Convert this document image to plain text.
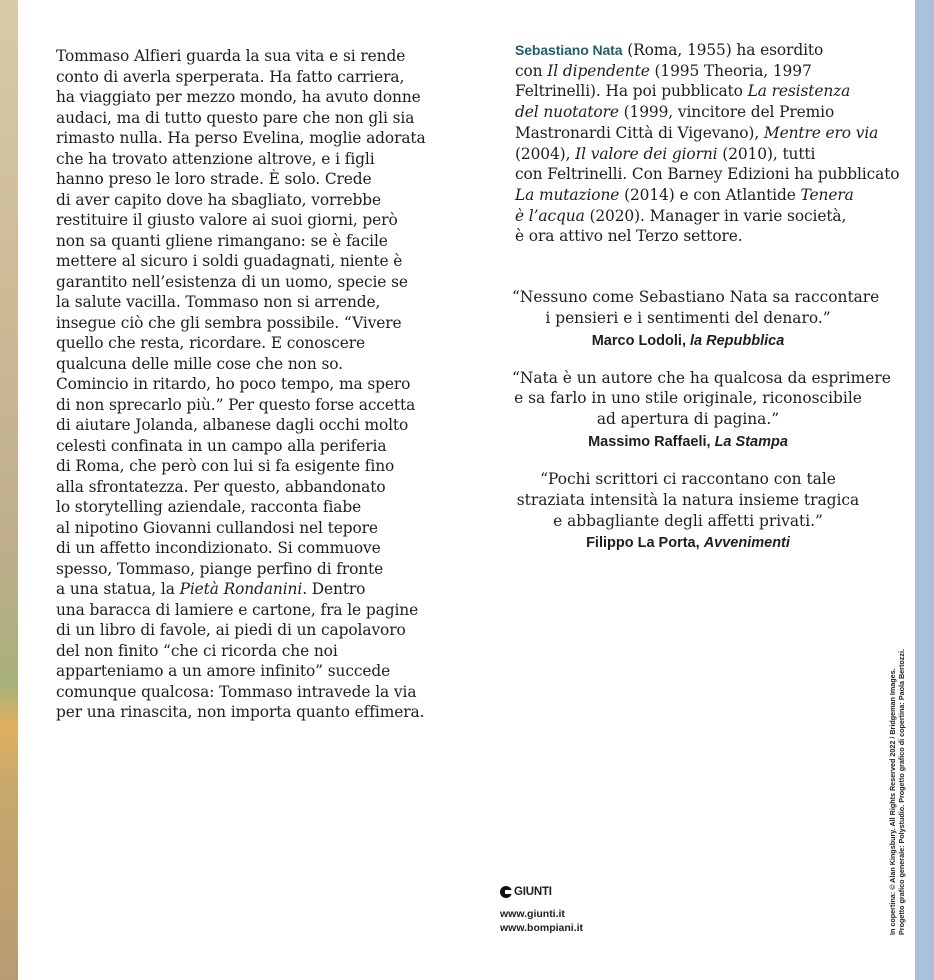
Tommaso Alfieri guarda la sua vita e si rende
conto di averla sperperata. Ha fatto carriera,
ha viaggiato per mezzo mondo, ha avuto donne
audaci, ma di tutto questo pare che non gli sia
rimasto nulla. Ha perso Evelina, moglie adorata
che ha trovato attenzione altrove, e i figli
hanno preso le loro strade. È solo. Crede
di aver capito dove ha sbagliato, vorrebbe
restituire il giusto valore ai suoi giorni, però
non sa quanti gliene rimangano: se è facile
mettere al sicuro i soldi guadagnati, niente è
garantito nell’esistenza di un uomo, specie se
la salute vacilla. Tommaso non si arrende,
insegue ciò che gli sembra possibile. “Vivere
quello che resta, ricordare. E conoscere
qualcuna delle mille cose che non so.
Comincio in ritardo, ho poco tempo, ma spero
di non sprecarlo più.” Per questo forse accetta
di aiutare Jolanda, albanese dagli occhi molto
celesti confinata in un campo alla periferia
di Roma, che però con lui si fa esigente fino
alla sfrontatezza. Per questo, abbandonato
lo storytelling aziendale, racconta fiabe
al nipotino Giovanni cullandosi nel tepore
di un affetto incondizionato. Si commuove
spesso, Tommaso, piange perfino di fronte
a una statua, la Pietà Rondanini. Dentro
una baracca di lamiere e cartone, fra le pagine
di un libro di favole, ai piedi di un capolavoro
del non finito “che ci ricorda che noi
apparteniamo a un amore infinito” succede
comunque qualcosa: Tommaso intravede la via
per una rinascita, non importa quanto effimera.
Sebastiano Nata (Roma, 1955) ha esordito
con Il dipendente (1995 Theoria, 1997
Feltrinelli). Ha poi pubblicato La resistenza
del nuotatore (1999, vincitore del Premio
Mastronardi Città di Vigevano), Mentre ero via
(2004), Il valore dei giorni (2010), tutti
con Feltrinelli. Con Barney Edizioni ha pubblicato
La mutazione (2014) e con Atlantide Tenera
è l’acqua (2020). Manager in varie società,
è ora attivo nel Terzo settore.
“Nessuno come Sebastiano Nata sa raccontare
i pensieri e i sentimenti del denaro.”
Marco Lodoli, la Repubblica
“Nata è un autore che ha qualcosa da esprimere
e sa farlo in uno stile originale, riconoscibile
ad apertura di pagina.”
Massimo Raffaeli, La Stampa
“Pochi scrittori ci raccontano con tale
straziata intensità la natura insieme tragica
e abbagliante degli affetti privati.”
Filippo La Porta, Avvenimenti
GIUNTI
www.giunti.it
www.bompiani.it	In copertina: © Alan Kingsbury. All Rights Reserved 2022 / Bridgeman Images. Progetto grafico generale: Polystudio. Progetto grafico di copertina: Paola Bertozzi.
